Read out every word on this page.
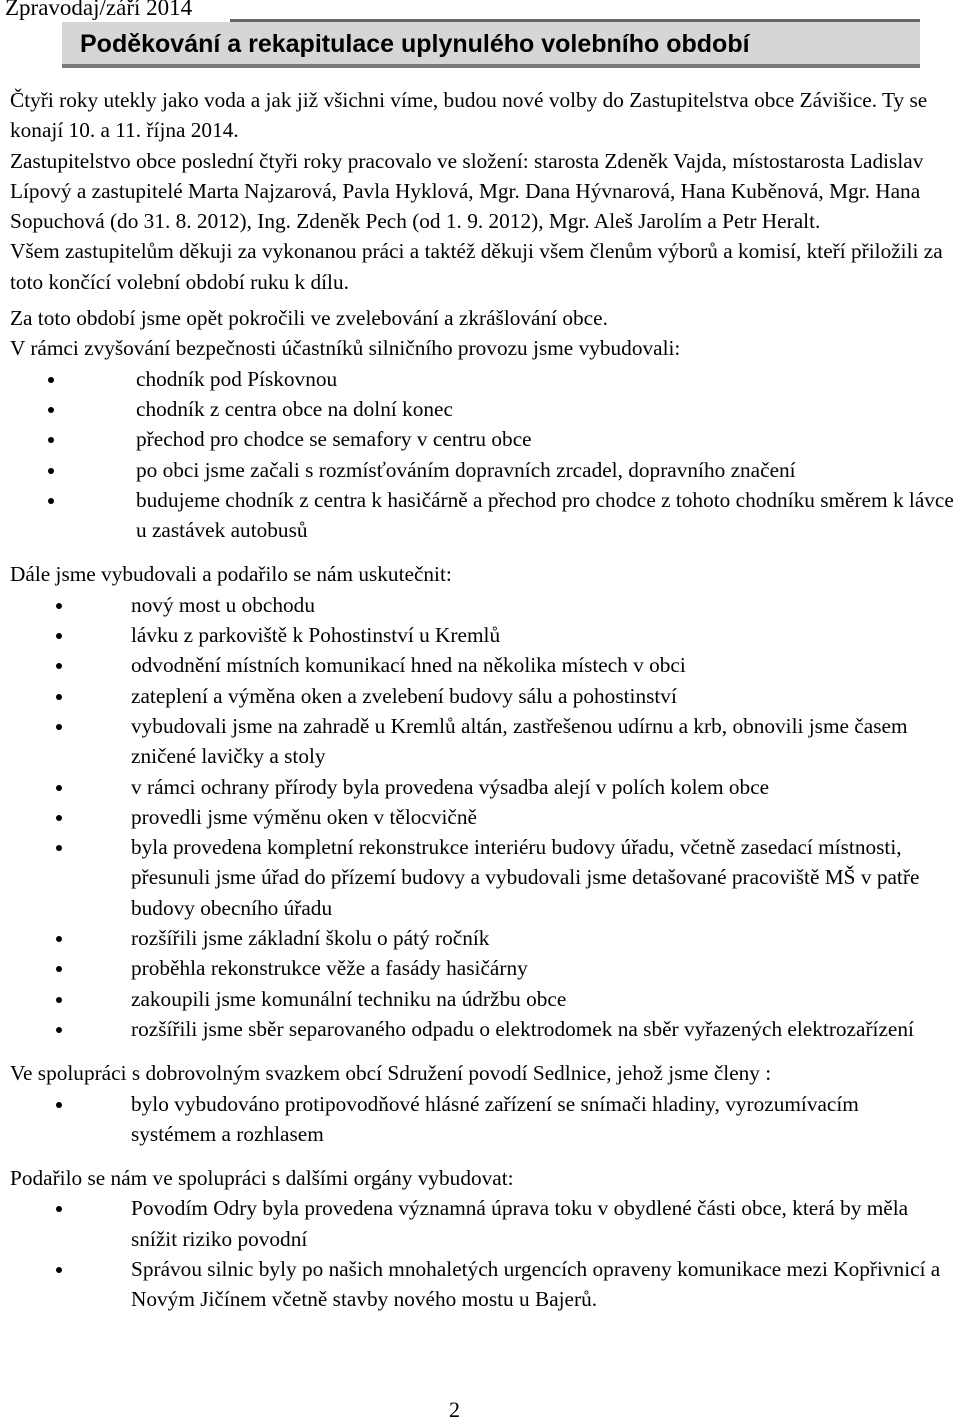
Zpravodaj/září 2014
Poděkování a rekapitulace uplynulého volebního období

Čtyři roky utekly jako voda a jak již všichni víme, budou nové volby do Zastupitelstva obce Závišice. Ty se konají 10. a 11. října 2014.

Zastupitelstvo obce poslední čtyři roky pracovalo ve složení: starosta Zdeněk Vajda, místostarosta Ladislav Lípový a zastupitelé Marta Najzarová, Pavla Hyklová, Mgr. Dana Hývnarová, Hana Kuběnová, Mgr. Hana Sopuchová (do 31. 8. 2012), Ing. Zdeněk Pech (od 1. 9. 2012), Mgr. Aleš Jarolím a Petr Heralt.

Všem zastupitelům děkuji za vykonanou práci a taktéž děkuji všem členům výborů a komisí, kteří přiložili za toto končící volební období ruku k dílu.

Za toto období jsme opět pokročili ve zvelebování a zkrášlování obce.

V rámci zvyšování bezpečnosti účastníků silničního provozu jsme vybudovali:

chodník pod Pískovnou
chodník z centra obce na dolní konec
přechod pro chodce se semafory v centru obce
po obci jsme začali s rozmísťováním dopravních zrcadel, dopravního značení
budujeme chodník z centra k hasičárně a přechod pro chodce z tohoto chodníku směrem k lávce u zastávek autobusů

Dále jsme vybudovali a podařilo se nám uskutečnit:

nový most u obchodu
lávku z parkoviště k Pohostinství u Kremlů
odvodnění místních komunikací hned na několika místech v obci
zateplení a výměna oken a zvelebení budovy sálu a pohostinství
vybudovali jsme na zahradě u Kremlů altán, zastřešenou udírnu a krb, obnovili jsme časem zničené lavičky a stoly
v rámci ochrany přírody byla provedena výsadba alejí v polích kolem obce
provedli jsme výměnu oken v tělocvičně
byla provedena kompletní rekonstrukce interiéru budovy úřadu, včetně zasedací místnosti, přesunuli jsme úřad do přízemí budovy a vybudovali jsme detašované pracoviště MŠ v patře budovy obecního úřadu
rozšířili jsme základní školu o pátý ročník
proběhla rekonstrukce věže a fasády hasičárny
zakoupili jsme komunální techniku na údržbu obce
rozšířili jsme sběr separovaného odpadu o elektrodomek na sběr vyřazených elektrozařízení

Ve spolupráci s dobrovolným svazkem obcí Sdružení povodí Sedlnice, jehož jsme členy :

bylo vybudováno protipovodňové hlásné zařízení se snímači hladiny, vyrozumívacím systémem a rozhlasem

Podařilo se nám ve spolupráci s dalšími orgány vybudovat:

Povodím Odry byla provedena významná úprava toku v obydlené části obce, která by měla snížit riziko povodní
Správou silnic byly po našich mnohaletých urgencích opraveny komunikace mezi Kopřivnicí a Novým Jičínem včetně stavby nového mostu u Bajerů.
2
